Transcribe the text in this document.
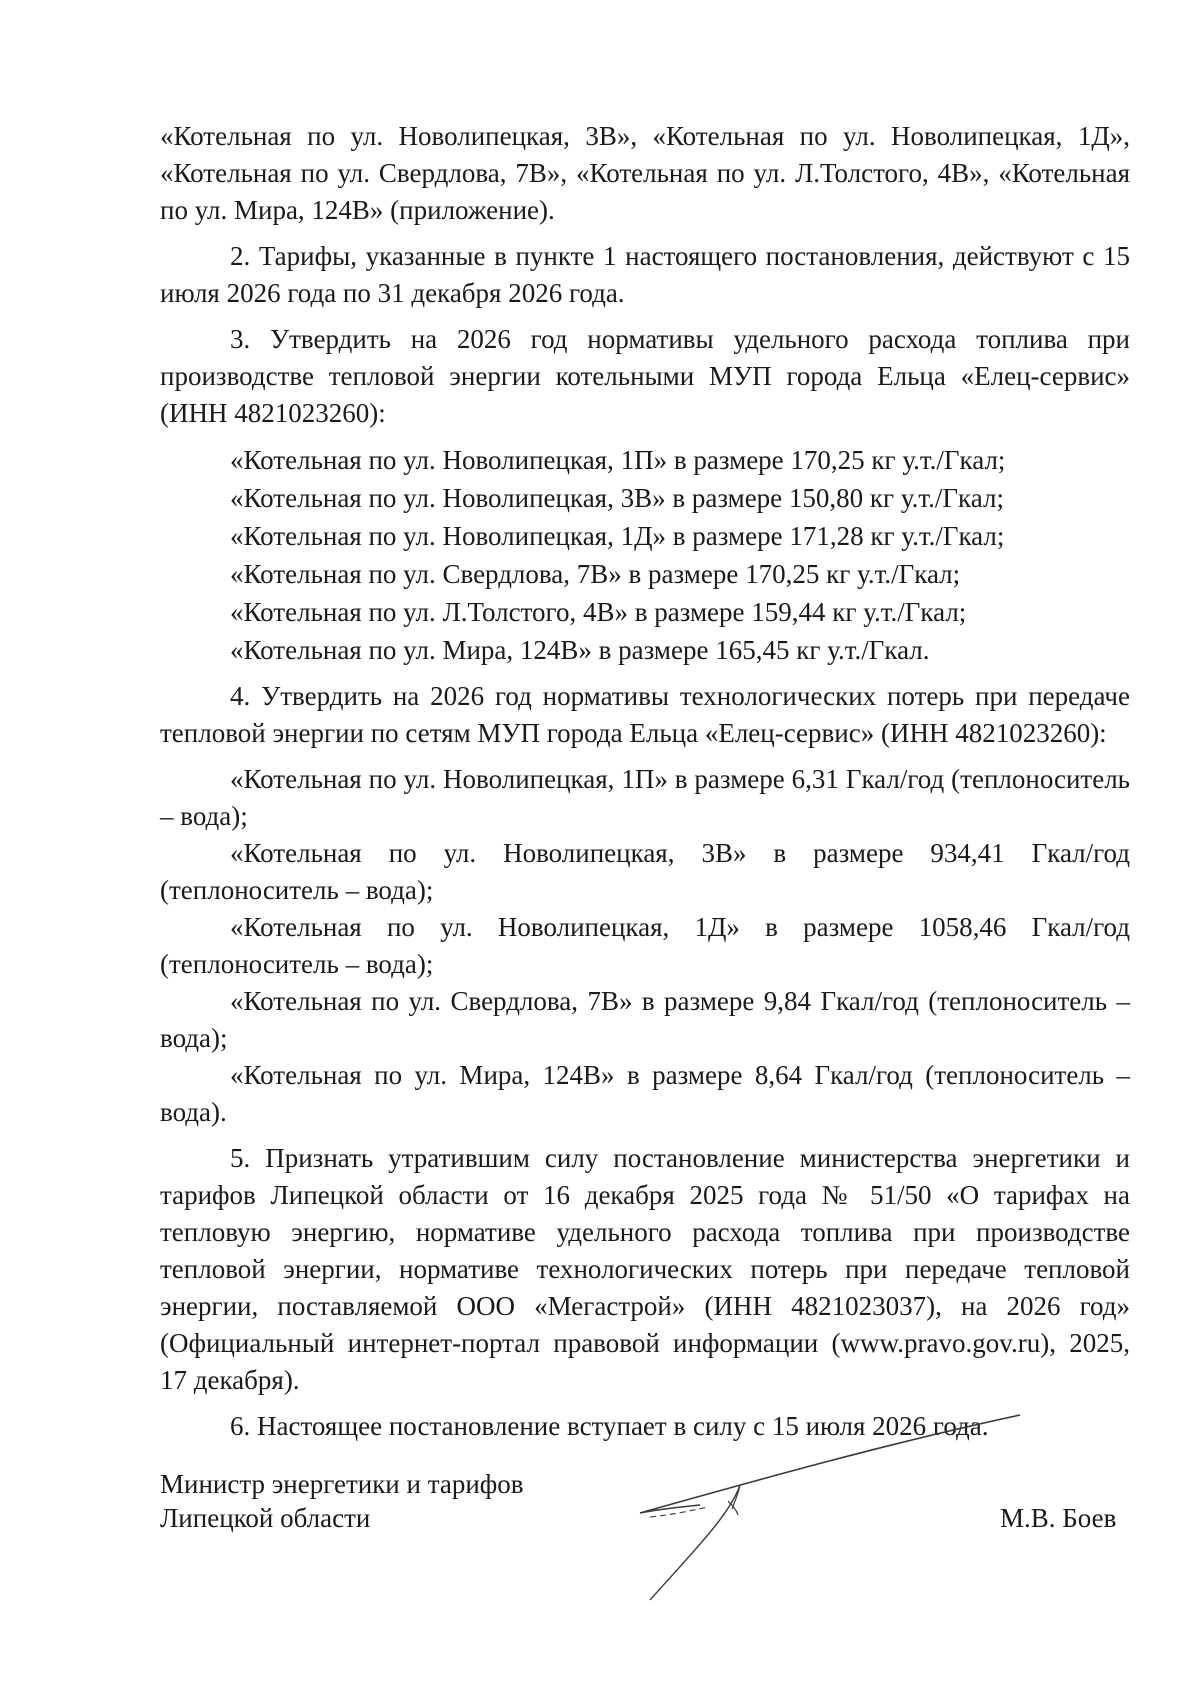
«Котельная по ул. Новолипецкая, 3В», «Котельная по ул. Новолипецкая, 1Д», «Котельная по ул. Свердлова, 7В», «Котельная по ул. Л.Толстого, 4В», «Котельная по ул. Мира, 124В» (приложение).

2. Тарифы, указанные в пункте 1 настоящего постановления, действуют с 15 июля 2026 года по 31 декабря 2026 года.

3. Утвердить на 2026 год нормативы удельного расхода топлива при производстве тепловой энергии котельными МУП города Ельца «Елец-сервис» (ИНН 4821023260):

«Котельная по ул. Новолипецкая, 1П» в размере 170,25 кг у.т./Гкал;

«Котельная по ул. Новолипецкая, 3В» в размере 150,80 кг у.т./Гкал;

«Котельная по ул. Новолипецкая, 1Д» в размере 171,28 кг у.т./Гкал;

«Котельная по ул. Свердлова, 7В» в размере 170,25 кг у.т./Гкал;

«Котельная по ул. Л.Толстого, 4В» в размере 159,44 кг у.т./Гкал;

«Котельная по ул. Мира, 124В» в размере 165,45 кг у.т./Гкал.

4. Утвердить на 2026 год нормативы технологических потерь при передаче тепловой энергии по сетям МУП города Ельца «Елец-сервис» (ИНН 4821023260):

«Котельная по ул. Новолипецкая, 1П» в размере 6,31 Гкал/год (теплоноситель – вода);

«Котельная по ул. Новолипецкая, 3В» в размере 934,41 Гкал/год (теплоноситель – вода);

«Котельная по ул. Новолипецкая, 1Д» в размере 1058,46 Гкал/год (теплоноситель – вода);

«Котельная по ул. Свердлова, 7В» в размере 9,84 Гкал/год (теплоноситель – вода);

«Котельная по ул. Мира, 124В» в размере 8,64 Гкал/год (теплоноситель – вода).

5. Признать утратившим силу постановление министерства энергетики и тарифов Липецкой области от 16 декабря 2025 года № 51/50 «О тарифах на тепловую энергию, нормативе удельного расхода топлива при производстве тепловой энергии, нормативе технологических потерь при передаче тепловой энергии, поставляемой ООО «Мегастрой» (ИНН 4821023037), на 2026 год» (Официальный интернет-портал правовой информации (www.pravo.gov.ru), 2025, 17 декабря).

6. Настоящее постановление вступает в силу с 15 июля 2026 года.

Министр энергетики и тарифов
Липецкой области	М.В. Боев
